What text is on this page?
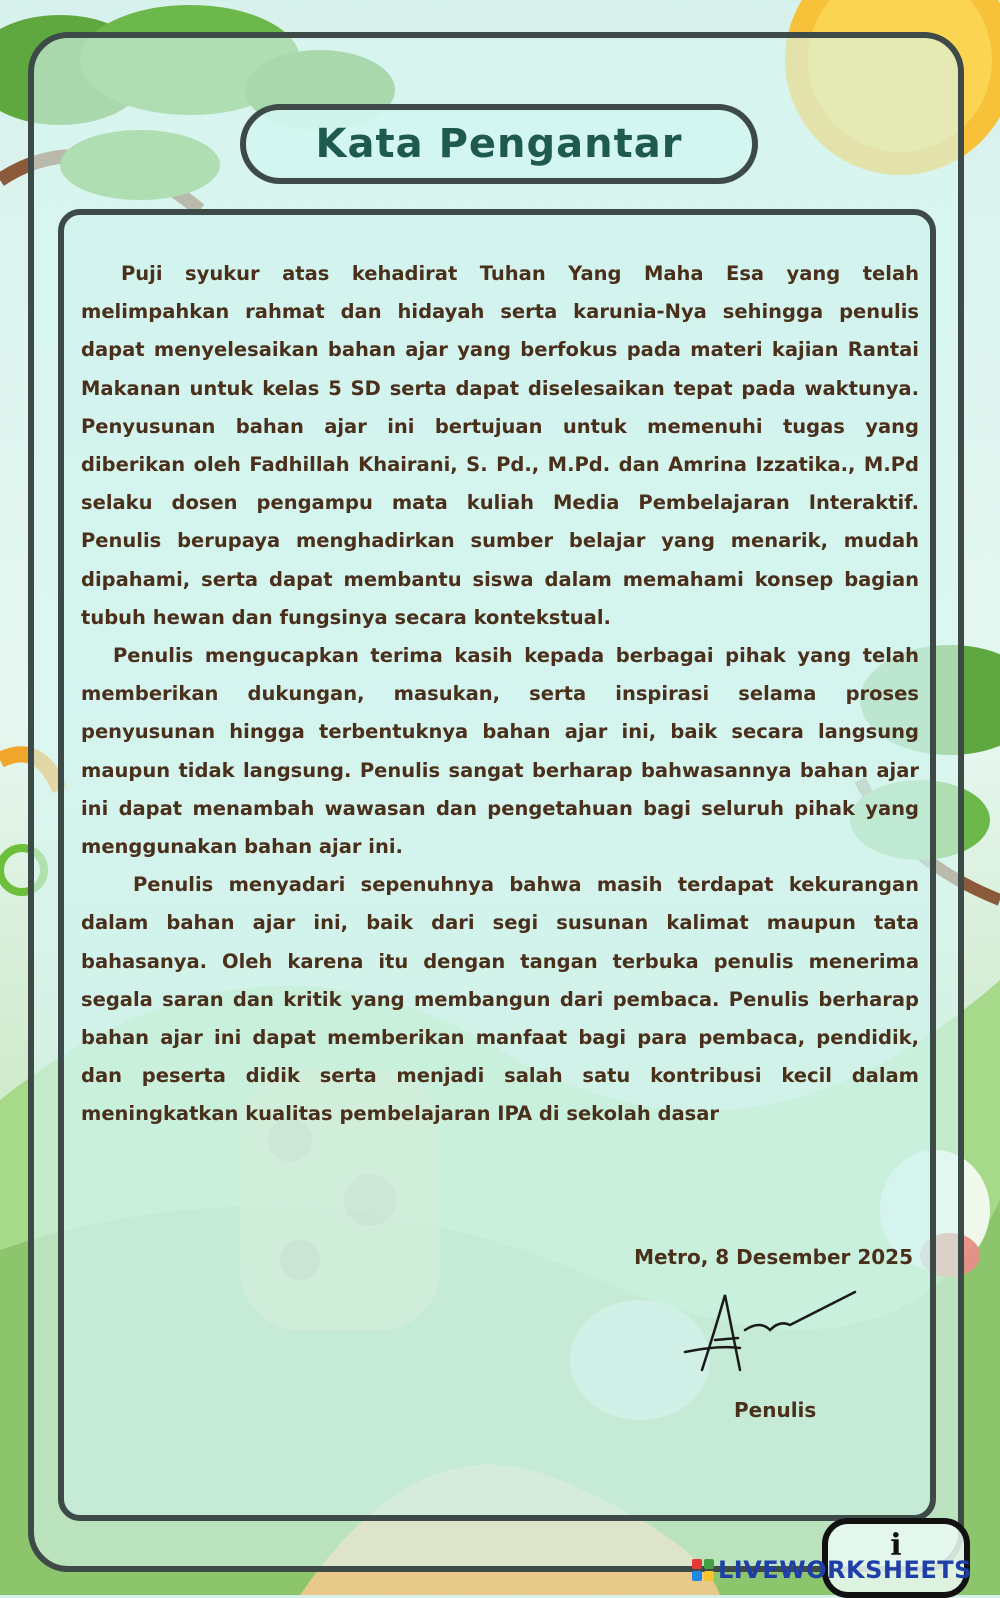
Kata Pengantar

Puji syukur atas kehadirat Tuhan Yang Maha Esa yang telah melimpahkan rahmat dan hidayah serta karunia-Nya sehingga penulis dapat menyelesaikan bahan ajar yang berfokus pada materi kajian Rantai Makanan untuk kelas 5 SD serta dapat diselesaikan tepat pada waktunya. Penyusunan bahan ajar ini bertujuan untuk memenuhi tugas yang diberikan oleh Fadhillah Khairani, S. Pd., M.Pd. dan Amrina Izzatika., M.Pd selaku dosen pengampu mata kuliah Media Pembelajaran Interaktif. Penulis berupaya menghadirkan sumber belajar yang menarik, mudah dipahami, serta dapat membantu siswa dalam memahami konsep bagian tubuh hewan dan fungsinya secara kontekstual.

Penulis mengucapkan terima kasih kepada berbagai pihak yang telah memberikan dukungan, masukan, serta inspirasi selama proses penyusunan hingga terbentuknya bahan ajar ini, baik secara langsung maupun tidak langsung. Penulis sangat berharap bahwasannya bahan ajar ini dapat menambah wawasan dan pengetahuan bagi seluruh pihak yang menggunakan bahan ajar ini.

Penulis menyadari sepenuhnya bahwa masih terdapat kekurangan dalam bahan ajar ini, baik dari segi susunan kalimat maupun tata bahasanya. Oleh karena itu dengan tangan terbuka penulis menerima segala saran dan kritik yang membangun dari pembaca. Penulis berharap bahan ajar ini dapat memberikan manfaat bagi para pembaca, pendidik, dan peserta didik serta menjadi salah satu kontribusi kecil dalam meningkatkan kualitas pembelajaran IPA di sekolah dasar

Metro, 8 Desember 2025
Penulis
i
LIVEWORKSHEETS
